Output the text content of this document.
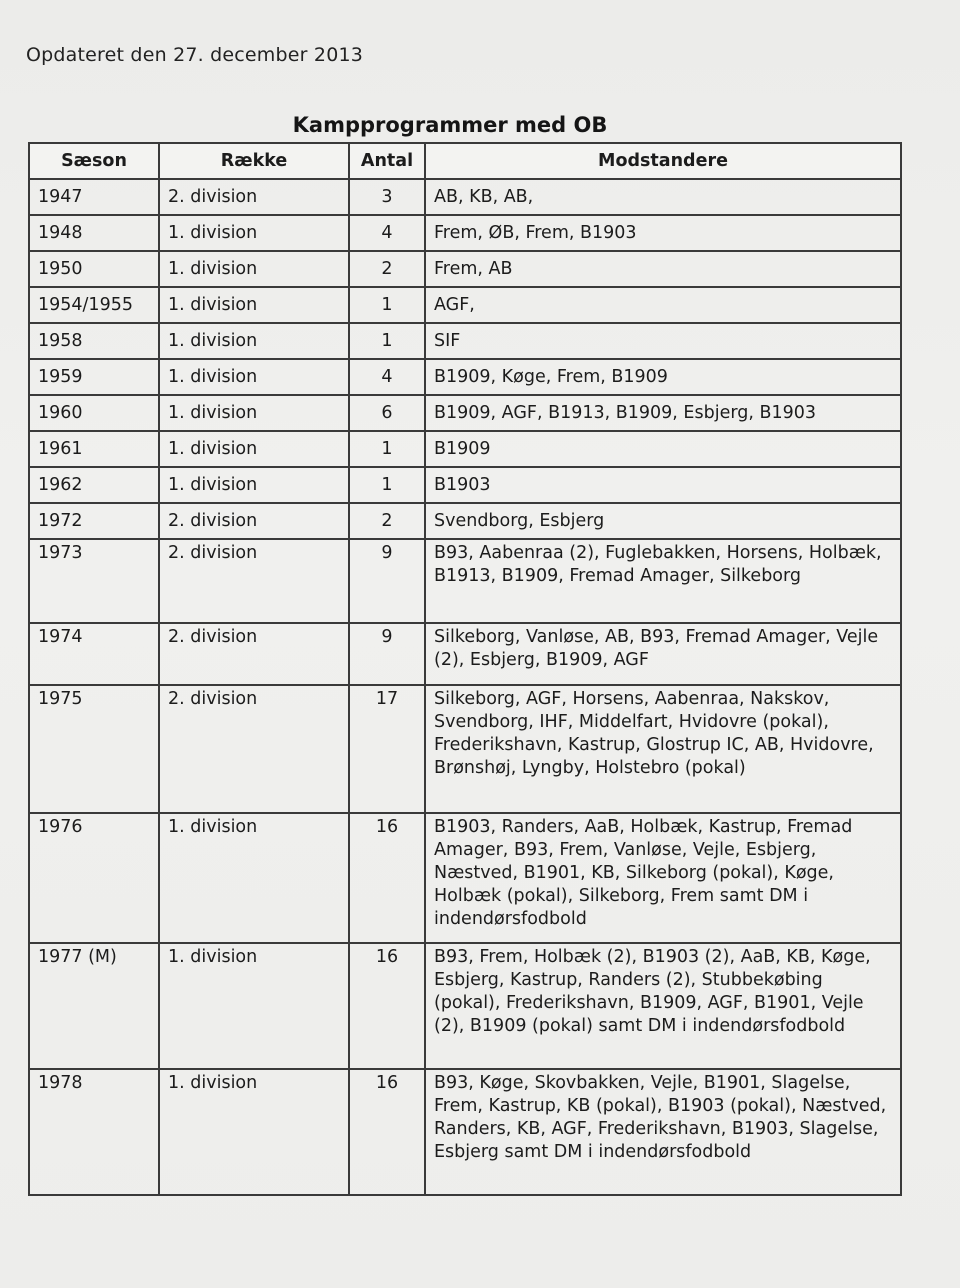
Opdateret den 27. december 2013
Kampprogrammer med OB
Sæson	Række	Antal	Modstandere
1947	2. division	3	AB, KB, AB,
1948	1. division	4	Frem, ØB, Frem, B1903
1950	1. division	2	Frem, AB
1954/1955	1. division	1	AGF,
1958	1. division	1	SIF
1959	1. division	4	B1909, Køge, Frem, B1909
1960	1. division	6	B1909, AGF, B1913, B1909, Esbjerg, B1903
1961	1. division	1	B1909
1962	1. division	1	B1903
1972	2. division	2	Svendborg, Esbjerg
1973	2. division	9	B93, Aabenraa (2), Fuglebakken, Horsens, Holbæk, B1913, B1909, Fremad Amager, Silkeborg
1974	2. division	9	Silkeborg, Vanløse, AB, B93, Fremad Amager, Vejle (2), Esbjerg, B1909, AGF
1975	2. division	17	Silkeborg, AGF, Horsens, Aabenraa, Nakskov, Svendborg, IHF, Middelfart, Hvidovre (pokal), Frederikshavn, Kastrup, Glostrup IC, AB, Hvidovre, Brønshøj, Lyngby, Holstebro (pokal)
1976	1. division	16	B1903, Randers, AaB, Holbæk, Kastrup, Fremad Amager, B93, Frem, Vanløse, Vejle, Esbjerg, Næstved, B1901, KB, Silkeborg (pokal), Køge, Holbæk (pokal), Silkeborg, Frem samt DM i indendørsfodbold
1977 (M)	1. division	16	B93, Frem, Holbæk (2), B1903 (2), AaB, KB, Køge, Esbjerg, Kastrup, Randers (2), Stubbekøbing (pokal), Frederikshavn, B1909, AGF, B1901, Vejle (2), B1909 (pokal) samt DM i indendørsfodbold
1978	1. division	16	B93, Køge, Skovbakken, Vejle, B1901, Slagelse, Frem, Kastrup, KB (pokal), B1903 (pokal), Næstved, Randers, KB, AGF, Frederikshavn, B1903, Slagelse, Esbjerg samt DM i indendørsfodbold
